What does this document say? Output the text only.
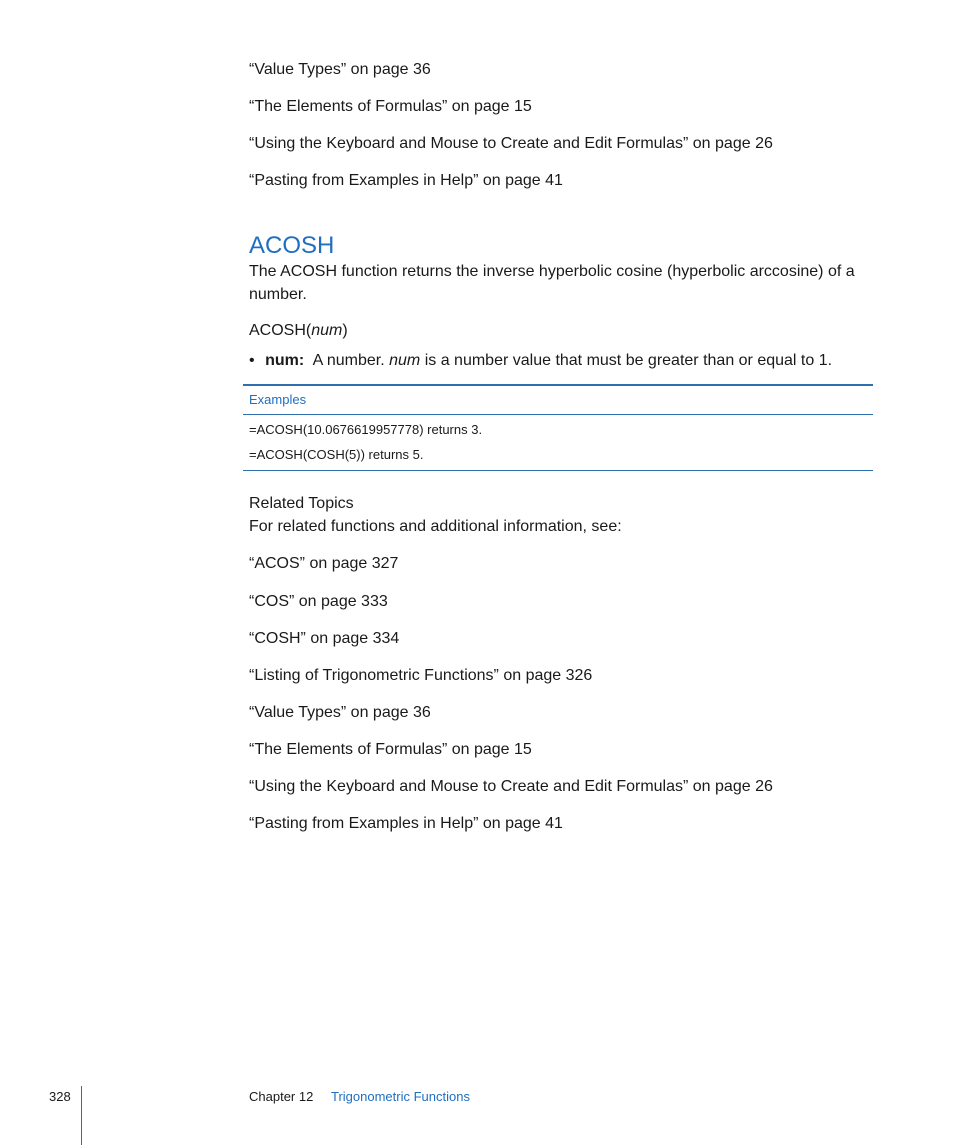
“Value Types” on page 36
“The Elements of Formulas” on page 15
“Using the Keyboard and Mouse to Create and Edit Formulas” on page 26
“Pasting from Examples in Help” on page 41
ACOSH
The ACOSH function returns the inverse hyperbolic cosine (hyperbolic arccosine) of a number.
ACOSH(num)
• num: A number. num is a number value that must be greater than or equal to 1.
Examples
=ACOSH(10.0676619957778) returns 3.
=ACOSH(COSH(5)) returns 5.
Related Topics
For related functions and additional information, see:
“ACOS” on page 327
“COS” on page 333
“COSH” on page 334
“Listing of Trigonometric Functions” on page 326
“Value Types” on page 36
“The Elements of Formulas” on page 15
“Using the Keyboard and Mouse to Create and Edit Formulas” on page 26
“Pasting from Examples in Help” on page 41
328	Chapter 12 Trigonometric Functions
